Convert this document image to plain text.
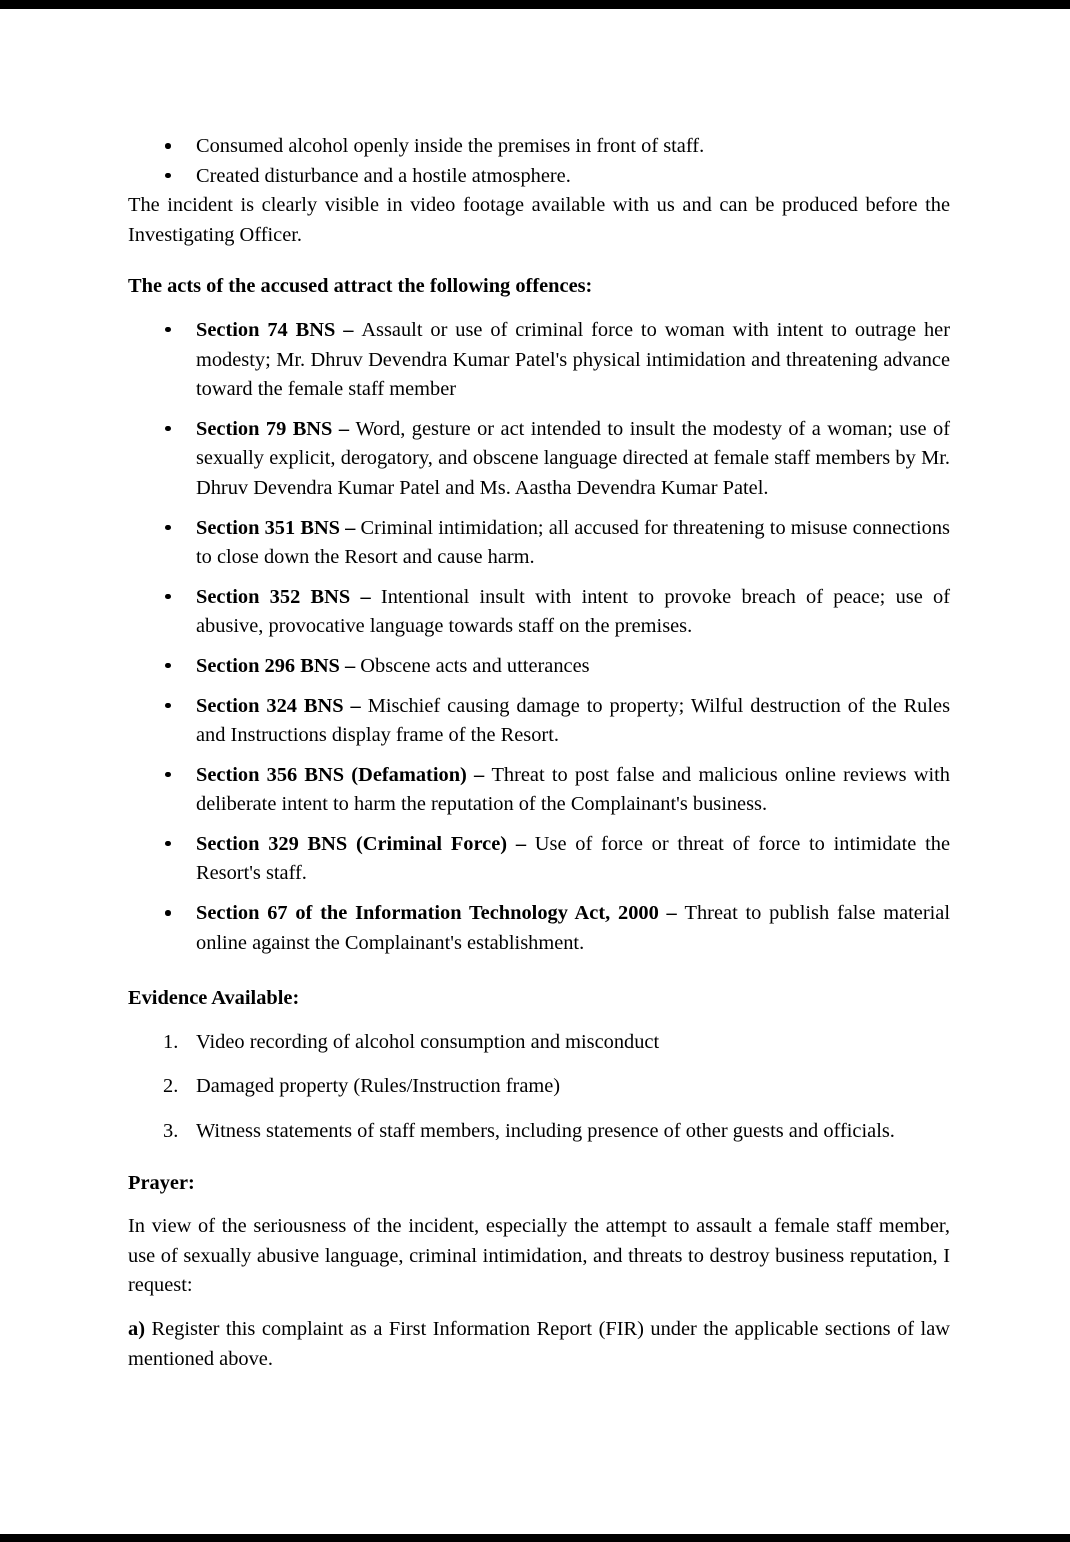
Consumed alcohol openly inside the premises in front of staff.
Created disturbance and a hostile atmosphere.

The incident is clearly visible in video footage available with us and can be produced before the Investigating Officer.

The acts of the accused attract the following offences:

Section 74 BNS – Assault or use of criminal force to woman with intent to outrage her modesty; Mr. Dhruv Devendra Kumar Patel's physical intimidation and threatening advance toward the female staff member
Section 79 BNS – Word, gesture or act intended to insult the modesty of a woman; use of sexually explicit, derogatory, and obscene language directed at female staff members by Mr. Dhruv Devendra Kumar Patel and Ms. Aastha Devendra Kumar Patel.
Section 351 BNS – Criminal intimidation; all accused for threatening to misuse connections to close down the Resort and cause harm.
Section 352 BNS – Intentional insult with intent to provoke breach of peace; use of abusive, provocative language towards staff on the premises.
Section 296 BNS – Obscene acts and utterances
Section 324 BNS – Mischief causing damage to property; Wilful destruction of the Rules and Instructions display frame of the Resort.
Section 356 BNS (Defamation) – Threat to post false and malicious online reviews with deliberate intent to harm the reputation of the Complainant's business.
Section 329 BNS (Criminal Force) – Use of force or threat of force to intimidate the Resort's staff.
Section 67 of the Information Technology Act, 2000 – Threat to publish false material online against the Complainant's establishment.

Evidence Available:

Video recording of alcohol consumption and misconduct
Damaged property (Rules/Instruction frame)
Witness statements of staff members, including presence of other guests and officials.

Prayer:

In view of the seriousness of the incident, especially the attempt to assault a female staff member, use of sexually abusive language, criminal intimidation, and threats to destroy business reputation, I request:

a) Register this complaint as a First Information Report (FIR) under the applicable sections of law mentioned above.
